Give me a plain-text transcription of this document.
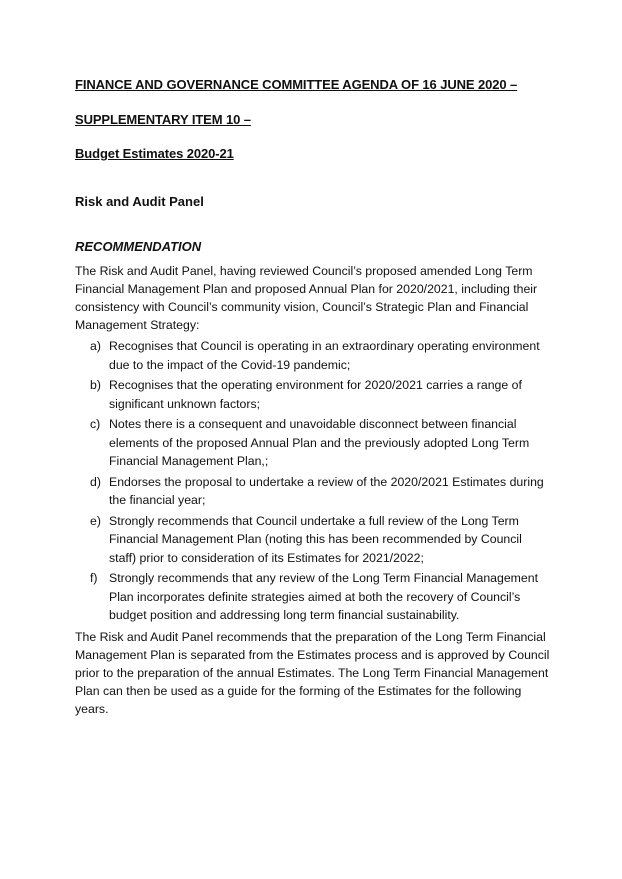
FINANCE AND GOVERNANCE COMMITTEE AGENDA OF 16 JUNE 2020 –
SUPPLEMENTARY ITEM 10 –
Budget Estimates 2020-21
Risk and Audit Panel
RECOMMENDATION

The Risk and Audit Panel, having reviewed Council’s proposed amended Long Term Financial Management Plan and proposed Annual Plan for 2020/2021, including their consistency with Council’s community vision, Council’s Strategic Plan and Financial Management Strategy:

a) Recognises that Council is operating in an extraordinary operating environment due to the impact of the Covid-19 pandemic;
b) Recognises that the operating environment for 2020/2021 carries a range of significant unknown factors;
c) Notes there is a consequent and unavoidable disconnect between financial elements of the proposed Annual Plan and the previously adopted Long Term Financial Management Plan,;
d) Endorses the proposal to undertake a review of the 2020/2021 Estimates during the financial year;
e) Strongly recommends that Council undertake a full review of the Long Term Financial Management Plan (noting this has been recommended by Council staff) prior to consideration of its Estimates for 2021/2022;
f) Strongly recommends that any review of the Long Term Financial Management Plan incorporates definite strategies aimed at both the recovery of Council’s budget position and addressing long term financial sustainability.

The Risk and Audit Panel recommends that the preparation of the Long Term Financial Management Plan is separated from the Estimates process and is approved by Council prior to the preparation of the annual Estimates. The Long Term Financial Management Plan can then be used as a guide for the forming of the Estimates for the following years.
